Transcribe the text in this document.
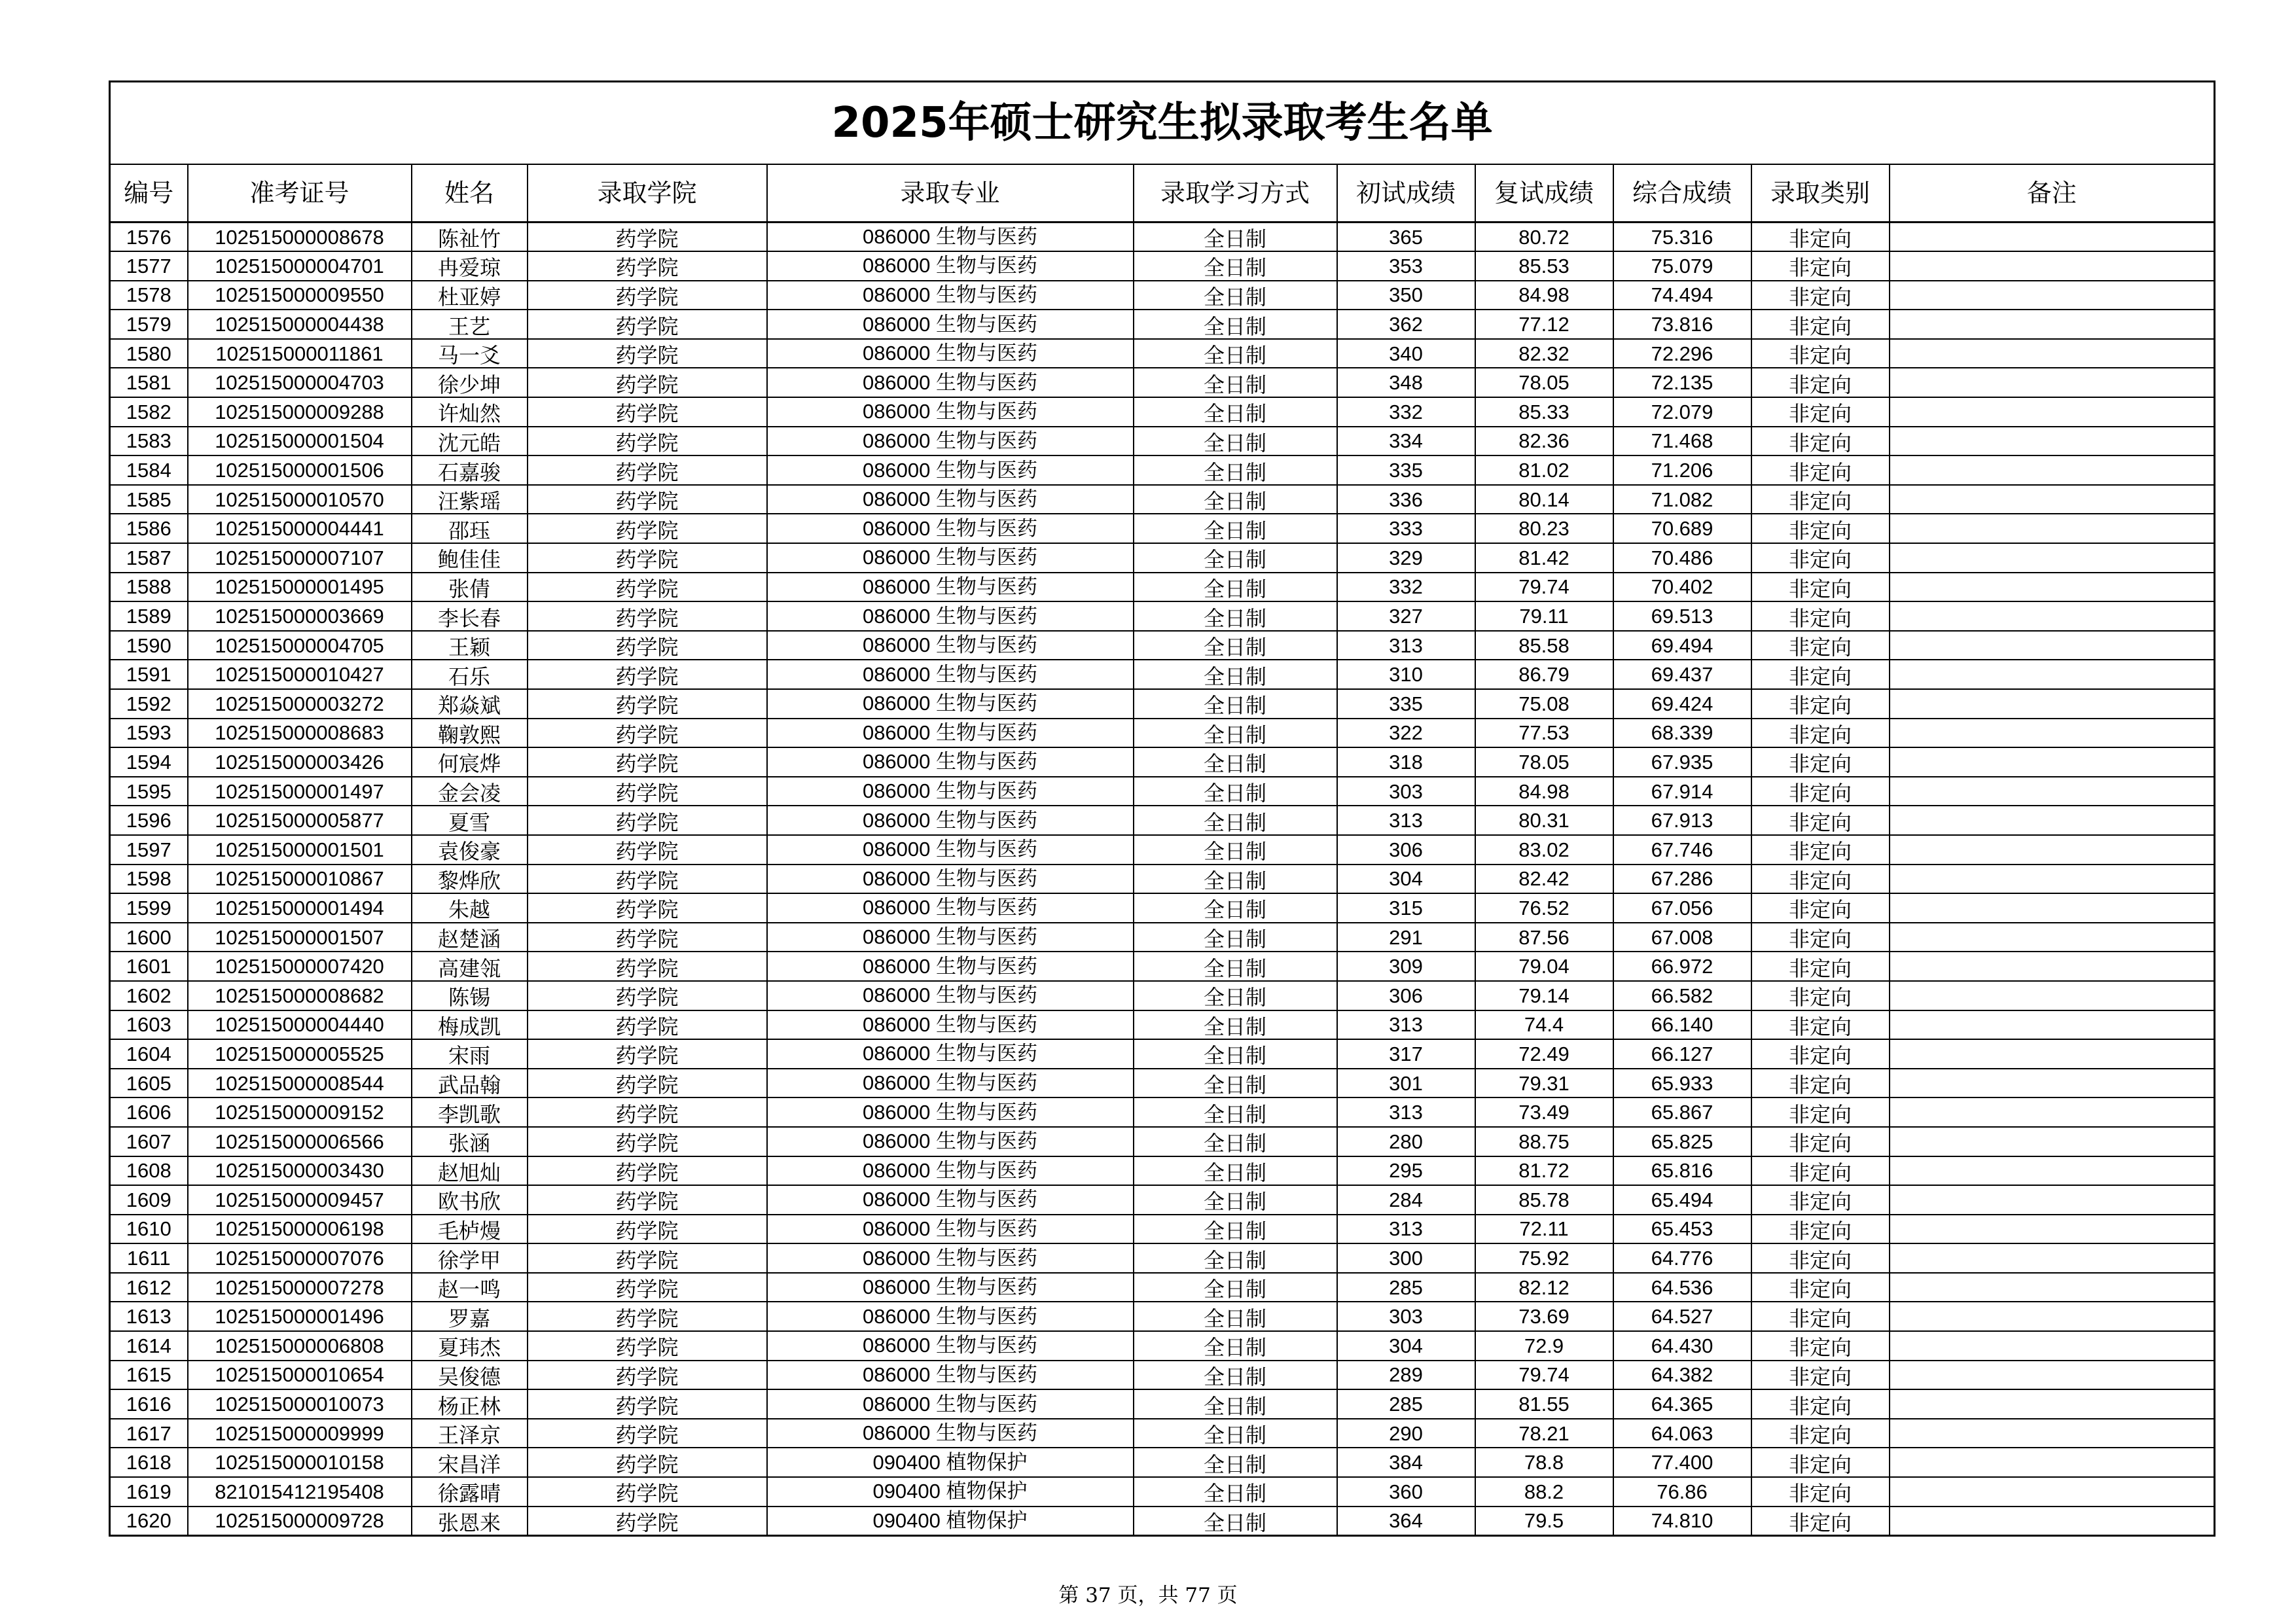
2025年硕士研究生拟录取考生名单										
编号	准考证号	姓名	录取学院	录取专业	录取学习方式	初试成绩	复试成绩	综合成绩	录取类别	备注
1576	102515000008678	陈祉竹	药学院	086000 生物与医药	全日制	365	80.72	75.316	非定向	
1577	102515000004701	冉爱琼	药学院	086000 生物与医药	全日制	353	85.53	75.079	非定向	
1578	102515000009550	杜亚婷	药学院	086000 生物与医药	全日制	350	84.98	74.494	非定向	
1579	102515000004438	王艺	药学院	086000 生物与医药	全日制	362	77.12	73.816	非定向	
1580	102515000011861	马一爻	药学院	086000 生物与医药	全日制	340	82.32	72.296	非定向	
1581	102515000004703	徐少坤	药学院	086000 生物与医药	全日制	348	78.05	72.135	非定向	
1582	102515000009288	许灿然	药学院	086000 生物与医药	全日制	332	85.33	72.079	非定向	
1583	102515000001504	沈元皓	药学院	086000 生物与医药	全日制	334	82.36	71.468	非定向	
1584	102515000001506	石嘉骏	药学院	086000 生物与医药	全日制	335	81.02	71.206	非定向	
1585	102515000010570	汪紫瑶	药学院	086000 生物与医药	全日制	336	80.14	71.082	非定向	
1586	102515000004441	邵珏	药学院	086000 生物与医药	全日制	333	80.23	70.689	非定向	
1587	102515000007107	鲍佳佳	药学院	086000 生物与医药	全日制	329	81.42	70.486	非定向	
1588	102515000001495	张倩	药学院	086000 生物与医药	全日制	332	79.74	70.402	非定向	
1589	102515000003669	李长春	药学院	086000 生物与医药	全日制	327	79.11	69.513	非定向	
1590	102515000004705	王颖	药学院	086000 生物与医药	全日制	313	85.58	69.494	非定向	
1591	102515000010427	石乐	药学院	086000 生物与医药	全日制	310	86.79	69.437	非定向	
1592	102515000003272	郑焱斌	药学院	086000 生物与医药	全日制	335	75.08	69.424	非定向	
1593	102515000008683	鞠敦熙	药学院	086000 生物与医药	全日制	322	77.53	68.339	非定向	
1594	102515000003426	何宸烨	药学院	086000 生物与医药	全日制	318	78.05	67.935	非定向	
1595	102515000001497	金会凌	药学院	086000 生物与医药	全日制	303	84.98	67.914	非定向	
1596	102515000005877	夏雪	药学院	086000 生物与医药	全日制	313	80.31	67.913	非定向	
1597	102515000001501	袁俊豪	药学院	086000 生物与医药	全日制	306	83.02	67.746	非定向	
1598	102515000010867	黎烨欣	药学院	086000 生物与医药	全日制	304	82.42	67.286	非定向	
1599	102515000001494	朱越	药学院	086000 生物与医药	全日制	315	76.52	67.056	非定向	
1600	102515000001507	赵楚涵	药学院	086000 生物与医药	全日制	291	87.56	67.008	非定向	
1601	102515000007420	高建瓴	药学院	086000 生物与医药	全日制	309	79.04	66.972	非定向	
1602	102515000008682	陈锡	药学院	086000 生物与医药	全日制	306	79.14	66.582	非定向	
1603	102515000004440	梅成凯	药学院	086000 生物与医药	全日制	313	74.4	66.140	非定向	
1604	102515000005525	宋雨	药学院	086000 生物与医药	全日制	317	72.49	66.127	非定向	
1605	102515000008544	武品翰	药学院	086000 生物与医药	全日制	301	79.31	65.933	非定向	
1606	102515000009152	李凯歌	药学院	086000 生物与医药	全日制	313	73.49	65.867	非定向	
1607	102515000006566	张涵	药学院	086000 生物与医药	全日制	280	88.75	65.825	非定向	
1608	102515000003430	赵旭灿	药学院	086000 生物与医药	全日制	295	81.72	65.816	非定向	
1609	102515000009457	欧书欣	药学院	086000 生物与医药	全日制	284	85.78	65.494	非定向	
1610	102515000006198	毛栌熳	药学院	086000 生物与医药	全日制	313	72.11	65.453	非定向	
1611	102515000007076	徐学甲	药学院	086000 生物与医药	全日制	300	75.92	64.776	非定向	
1612	102515000007278	赵一鸣	药学院	086000 生物与医药	全日制	285	82.12	64.536	非定向	
1613	102515000001496	罗嘉	药学院	086000 生物与医药	全日制	303	73.69	64.527	非定向	
1614	102515000006808	夏玮杰	药学院	086000 生物与医药	全日制	304	72.9	64.430	非定向	
1615	102515000010654	吴俊德	药学院	086000 生物与医药	全日制	289	79.74	64.382	非定向	
1616	102515000010073	杨正林	药学院	086000 生物与医药	全日制	285	81.55	64.365	非定向	
1617	102515000009999	王泽京	药学院	086000 生物与医药	全日制	290	78.21	64.063	非定向	
1618	102515000010158	宋昌洋	药学院	090400 植物保护	全日制	384	78.8	77.400	非定向	
1619	821015412195408	徐露晴	药学院	090400 植物保护	全日制	360	88.2	76.86	非定向	
1620	102515000009728	张恩来	药学院	090400 植物保护	全日制	364	79.5	74.810	非定向	
第 37 页，共 77 页
